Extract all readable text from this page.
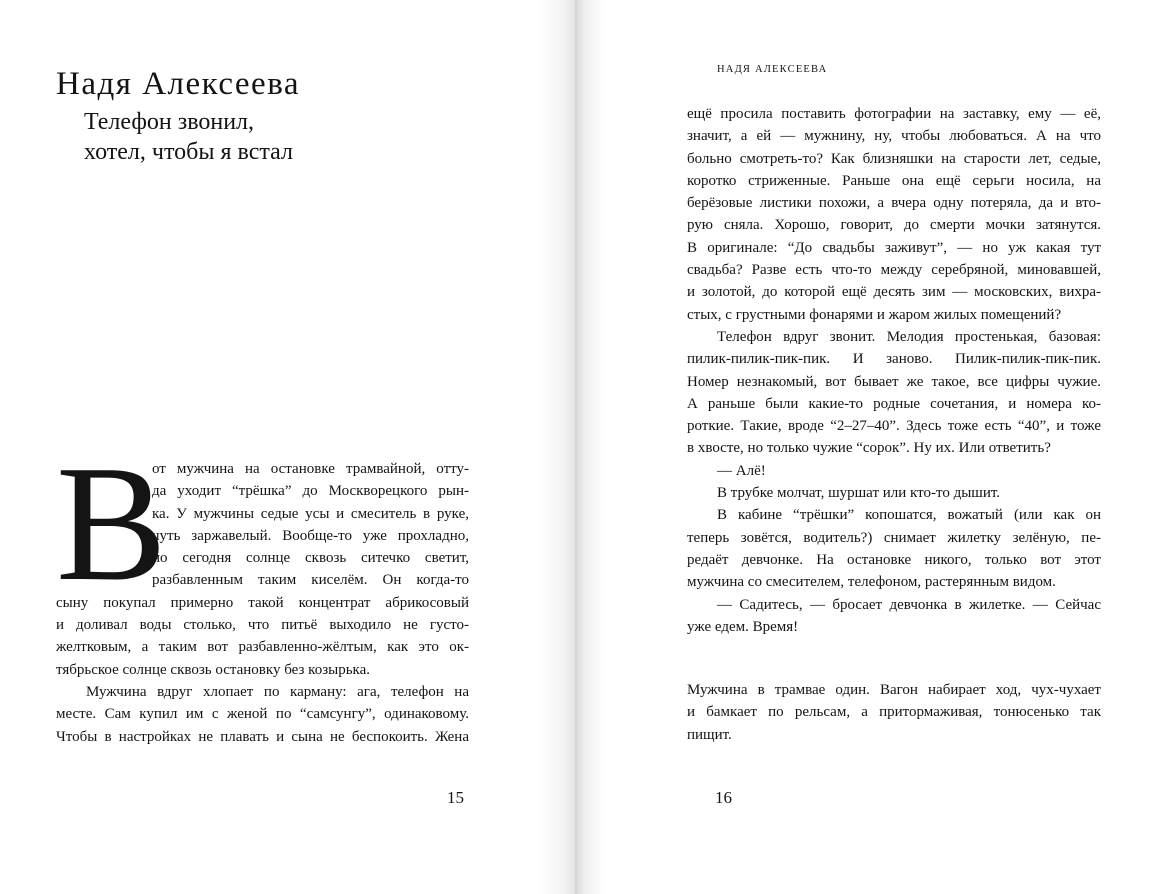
Надя Алексеева
Телефон звонил,
хотел, чтобы я встал
В
от мужчина на остановке трамвайной, отту-
да уходит “трёшка” до Москворецкого рын-
ка. У мужчины седые усы и смеситель в руке,
чуть заржавелый. Вообще-то уже прохладно,
но сегодня солнце сквозь ситечко светит,
разбавленным таким киселём. Он когда-то
сыну покупал примерно такой концентрат абрикосовый
и доливал воды столько, что питьё выходило не густо-
желтковым, а таким вот разбавленно-жёлтым, как это ок-
тябрьское солнце сквозь остановку без козырька.
Мужчина вдруг хлопает по карману: ага, телефон на
месте. Сам купил им с женой по “самсунгу”, одинаковому.
Чтобы в настройках не плавать и сына не беспокоить. Жена
15
НАДЯ АЛЕКСЕЕВА
ещё просила поставить фотографии на заставку, ему — её,
значит, а ей — мужнину, ну, чтобы любоваться. А на что
больно смотреть-то? Как близняшки на старости лет, седые,
коротко стриженные. Раньше она ещё серьги носила, на
берёзовые листики похожи, а вчера одну потеряла, да и вто-
рую сняла. Хорошо, говорит, до смерти мочки затянутся.
В оригинале: “До свадьбы заживут”, — но уж какая тут
свадьба? Разве есть что-то между серебряной, миновавшей,
и золотой, до которой ещё десять зим — московских, вихра-
стых, с грустными фонарями и жаром жилых помещений?
Телефон вдруг звонит. Мелодия простенькая, базовая:
пилик-пилик-пик-пик. И заново. Пилик-пилик-пик-пик.
Номер незнакомый, вот бывает же такое, все цифры чужие.
А раньше были какие-то родные сочетания, и номера ко-
роткие. Такие, вроде “2–27–40”. Здесь тоже есть “40”, и тоже
в хвосте, но только чужие “сорок”. Ну их. Или ответить?
— Алё!
В трубке молчат, шуршат или кто-то дышит.
В кабине “трёшки” копошатся, вожатый (или как он
теперь зовётся, водитель?) снимает жилетку зелёную, пе-
редаёт девчонке. На остановке никого, только вот этот
мужчина со смесителем, телефоном, растерянным видом.
— Садитесь, — бросает девчонка в жилетке. — Сейчас
уже едем. Время!
Мужчина в трамвае один. Вагон набирает ход, чух-чухает
и бамкает по рельсам, а притормаживая, тонюсенько так
пищит.
16
